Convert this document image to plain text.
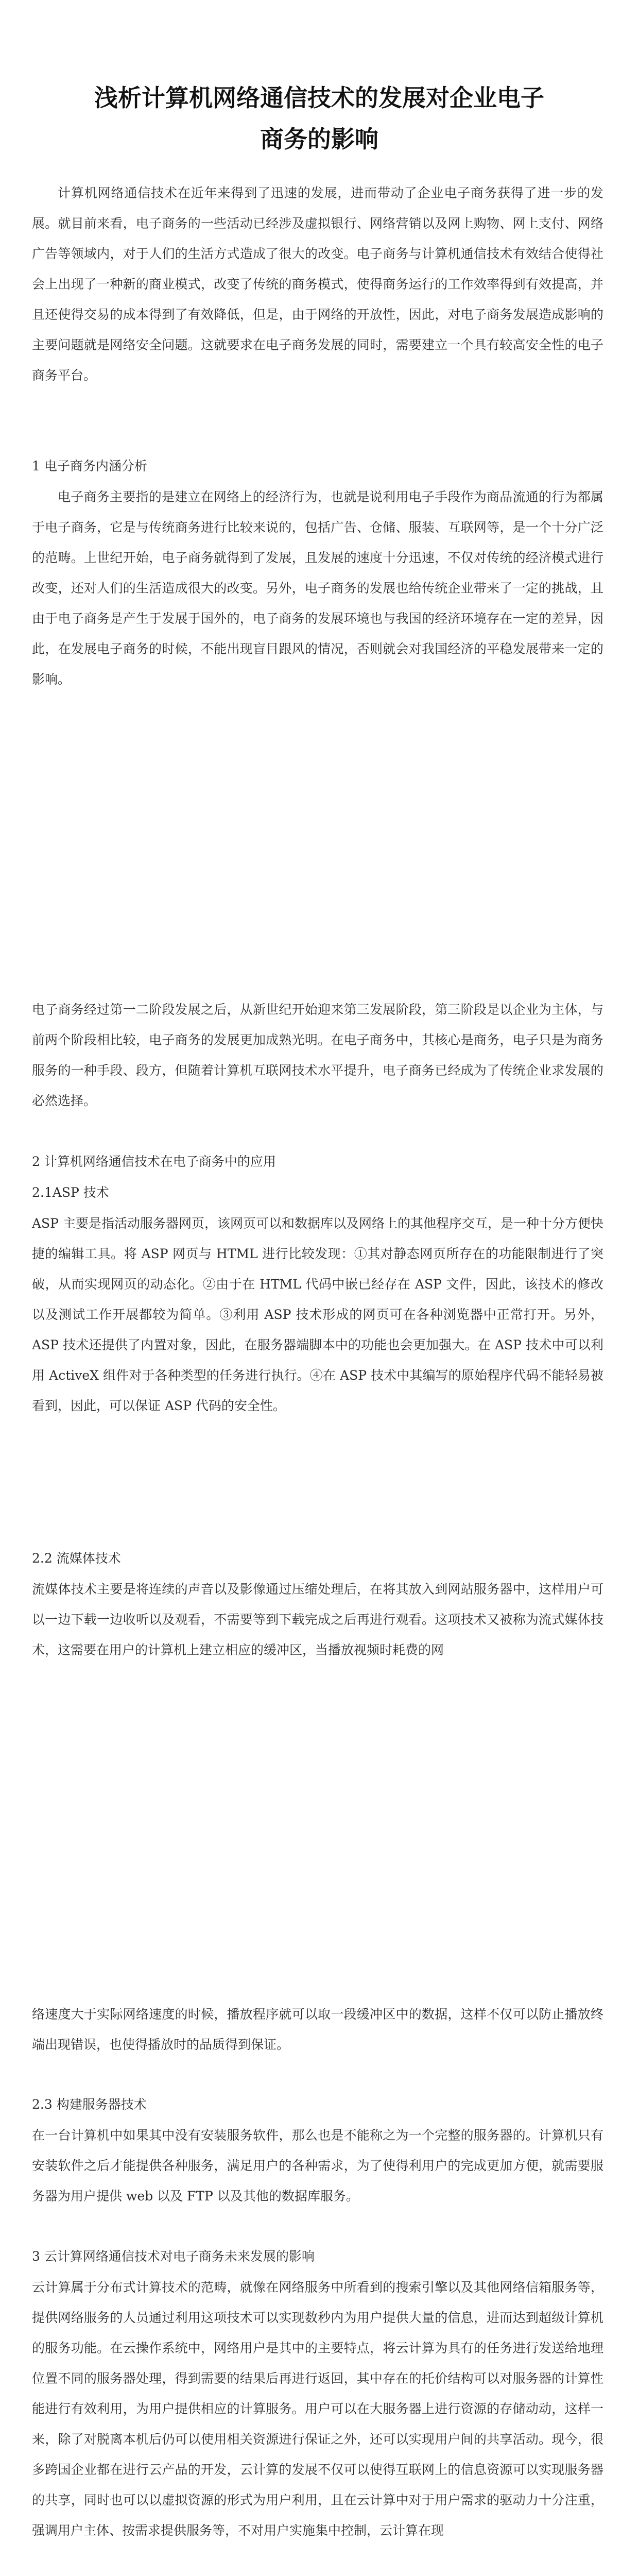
浅析计算机网络通信技术的发展对企业电子商务的影响
计算机网络通信技术在近年来得到了迅速的发展，进而带动了企业电子商务获得了进一步的发展。就目前来看，电子商务的一些活动已经涉及虚拟银行、网络营销以及网上购物、网上支付、网络广告等领域内，对于人们的生活方式造成了很大的改变。电子商务与计算机通信技术有效结合使得社会上出现了一种新的商业模式，改变了传统的商务模式，使得商务运行的工作效率得到有效提高，并且还使得交易的成本得到了有效降低，但是，由于网络的开放性，因此，对电子商务发展造成影响的主要问题就是网络安全问题。这就要求在电子商务发展的同时，需要建立一个具有较高安全性的电子商务平台。
1 电子商务内涵分析
电子商务主要指的是建立在网络上的经济行为，也就是说利用电子手段作为商品流通的行为都属于电子商务，它是与传统商务进行比较来说的，包括广告、仓储、服装、互联网等，是一个十分广泛的范畴。上世纪开始，电子商务就得到了发展，且发展的速度十分迅速，不仅对传统的经济模式进行改变，还对人们的生活造成很大的改变。另外，电子商务的发展也给传统企业带来了一定的挑战，且由于电子商务是产生于发展于国外的，电子商务的发展环境也与我国的经济环境存在一定的差异，因此，在发展电子商务的时候，不能出现盲目跟风的情况，否则就会对我国经济的平稳发展带来一定的影响。
电子商务经过第一二阶段发展之后，从新世纪开始迎来第三发展阶段，第三阶段是以企业为主体，与前两个阶段相比较，电子商务的发展更加成熟光明。在电子商务中，其核心是商务，电子只是为商务服务的一种手段、段方，但随着计算机互联网技术水平提升，电子商务已经成为了传统企业求发展的必然选择。
2 计算机网络通信技术在电子商务中的应用
2.1ASP 技术
ASP 主要是指活动服务器网页，该网页可以和数据库以及网络上的其他程序交互，是一种十分方便快捷的编辑工具。将 ASP 网页与 HTML 进行比较发现：①其对静态网页所存在的功能限制进行了突破，从而实现网页的动态化。②由于在 HTML 代码中嵌已经存在 ASP 文件，因此，该技术的修改以及测试工作开展都较为简单。③利用 ASP 技术形成的网页可在各种浏览器中正常打开。另外，ASP 技术还提供了内置对象，因此，在服务器端脚本中的功能也会更加强大。在 ASP 技术中可以利用 ActiveX 组件对于各种类型的任务进行执行。④在 ASP 技术中其编写的原始程序代码不能轻易被看到，因此，可以保证 ASP 代码的安全性。
2.2 流媒体技术
流媒体技术主要是将连续的声音以及影像通过压缩处理后，在将其放入到网站服务器中，这样用户可以一边下载一边收听以及观看，不需要等到下载完成之后再进行观看。这项技术又被称为流式媒体技术，这需要在用户的计算机上建立相应的缓冲区，当播放视频时耗费的网
络速度大于实际网络速度的时候，播放程序就可以取一段缓冲区中的数据，这样不仅可以防止播放终端出现错误，也使得播放时的品质得到保证。
2.3 构建服务器技术
在一台计算机中如果其中没有安装服务软件，那么也是不能称之为一个完整的服务器的。计算机只有安装软件之后才能提供各种服务，满足用户的各种需求，为了使得利用户的完成更加方便，就需要服务器为用户提供 web 以及 FTP 以及其他的数据库服务。
3 云计算网络通信技术对电子商务未来发展的影响
云计算属于分布式计算技术的范畴，就像在网络服务中所看到的搜索引擎以及其他网络信箱服务等，提供网络服务的人员通过利用这项技术可以实现数秒内为用户提供大量的信息，进而达到超级计算机的服务功能。在云操作系统中，网络用户是其中的主要特点，将云计算为具有的任务进行发送给地理位置不同的服务器处理，得到需要的结果后再进行返回，其中存在的托价结构可以对服务器的计算性能进行有效利用，为用户提供相应的计算服务。用户可以在大服务器上进行资源的存储动动，这样一来，除了对脱离本机后仍可以使用相关资源进行保证之外，还可以实现用户间的共享活动。现今，很多跨国企业都在进行云产品的开发，云计算的发展不仅可以使得互联网上的信息资源可以实现服务器的共享，同时也可以以虚拟资源的形式为用户利用，且在云计算中对于用户需求的驱动力十分注重，强调用户主体、按需求提供服务等，不对用户实施集中控制，云计算在现
